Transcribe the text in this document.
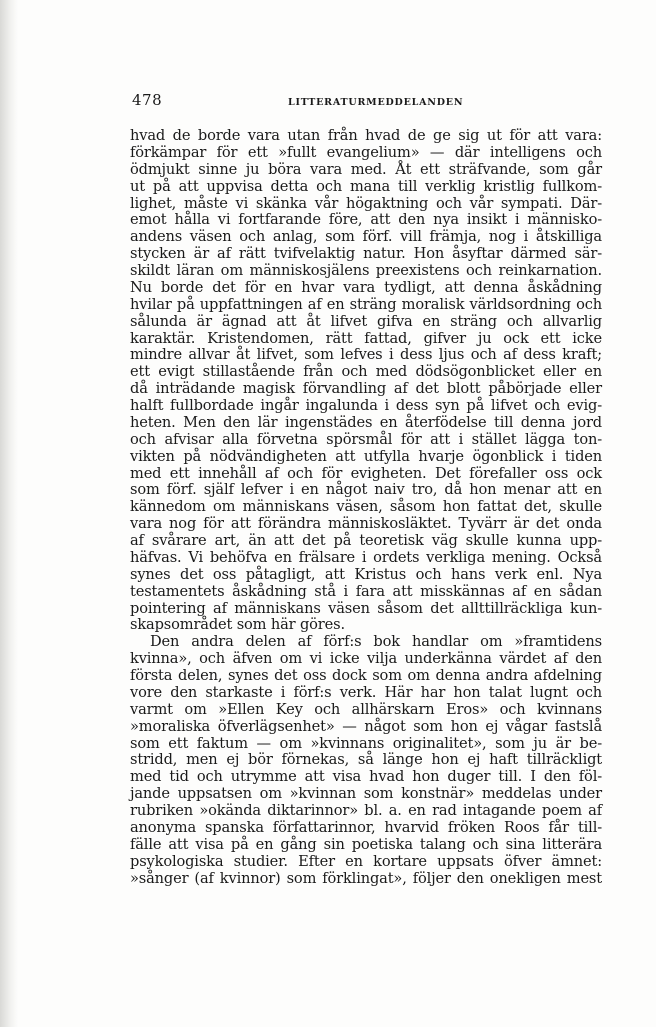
478	LITTERATURMEDDELANDEN
hvad de borde vara utan från hvad de ge sig ut för att vara:
förkämpar för ett »fullt evangelium» — där intelligens och
ödmjukt sinne ju böra vara med. Åt ett sträfvande, som går
ut på att uppvisa detta och mana till verklig kristlig fullkom-
lighet, måste vi skänka vår högaktning och vår sympati. Där-
emot hålla vi fortfarande före, att den nya insikt i människo-
andens väsen och anlag, som förf. vill främja, nog i åtskilliga
stycken är af rätt tvifvelaktig natur. Hon åsyftar därmed sär-
skildt läran om människosjälens preexistens och reinkarnation.
Nu borde det för en hvar vara tydligt, att denna åskådning
hvilar på uppfattningen af en sträng moralisk världsordning och
sålunda är ägnad att åt lifvet gifva en sträng och allvarlig
karaktär. Kristendomen, rätt fattad, gifver ju ock ett icke
mindre allvar åt lifvet, som lefves i dess ljus och af dess kraft;
ett evigt stillastående från och med dödsögonblicket eller en
då inträdande magisk förvandling af det blott påbörjade eller
halft fullbordade ingår ingalunda i dess syn på lifvet och evig-
heten. Men den lär ingenstädes en återfödelse till denna jord
och afvisar alla förvetna spörsmål för att i stället lägga ton-
vikten på nödvändigheten att utfylla hvarje ögonblick i tiden
med ett innehåll af och för evigheten. Det förefaller oss ock
som förf. själf lefver i en något naiv tro, då hon menar att en
kännedom om människans väsen, såsom hon fattat det, skulle
vara nog för att förändra människosläktet. Tyvärr är det onda
af svårare art, än att det på teoretisk väg skulle kunna upp-
häfvas. Vi behöfva en frälsare i ordets verkliga mening. Också
synes det oss påtagligt, att Kristus och hans verk enl. Nya
testamentets åskådning stå i fara att misskännas af en sådan
pointering af människans väsen såsom det allttillräckliga kun-
skapsområdet som här göres.
Den andra delen af förf:s bok handlar om »framtidens
kvinna», och äfven om vi icke vilja underkänna värdet af den
första delen, synes det oss dock som om denna andra afdelning
vore den starkaste i förf:s verk. Här har hon talat lugnt och
varmt om »Ellen Key och allhärskarn Eros» och kvinnans
»moraliska öfverlägsenhet» — något som hon ej vågar fastslå
som ett faktum — om »kvinnans originalitet», som ju är be-
stridd, men ej bör förnekas, så länge hon ej haft tillräckligt
med tid och utrymme att visa hvad hon duger till. I den föl-
jande uppsatsen om »kvinnan som konstnär» meddelas under
rubriken »okända diktarinnor» bl. a. en rad intagande poem af
anonyma spanska författarinnor, hvarvid fröken Roos får till-
fälle att visa på en gång sin poetiska talang och sina litterära
psykologiska studier. Efter en kortare uppsats öfver ämnet:
»sånger (af kvinnor) som förklingat», följer den onekligen mest
